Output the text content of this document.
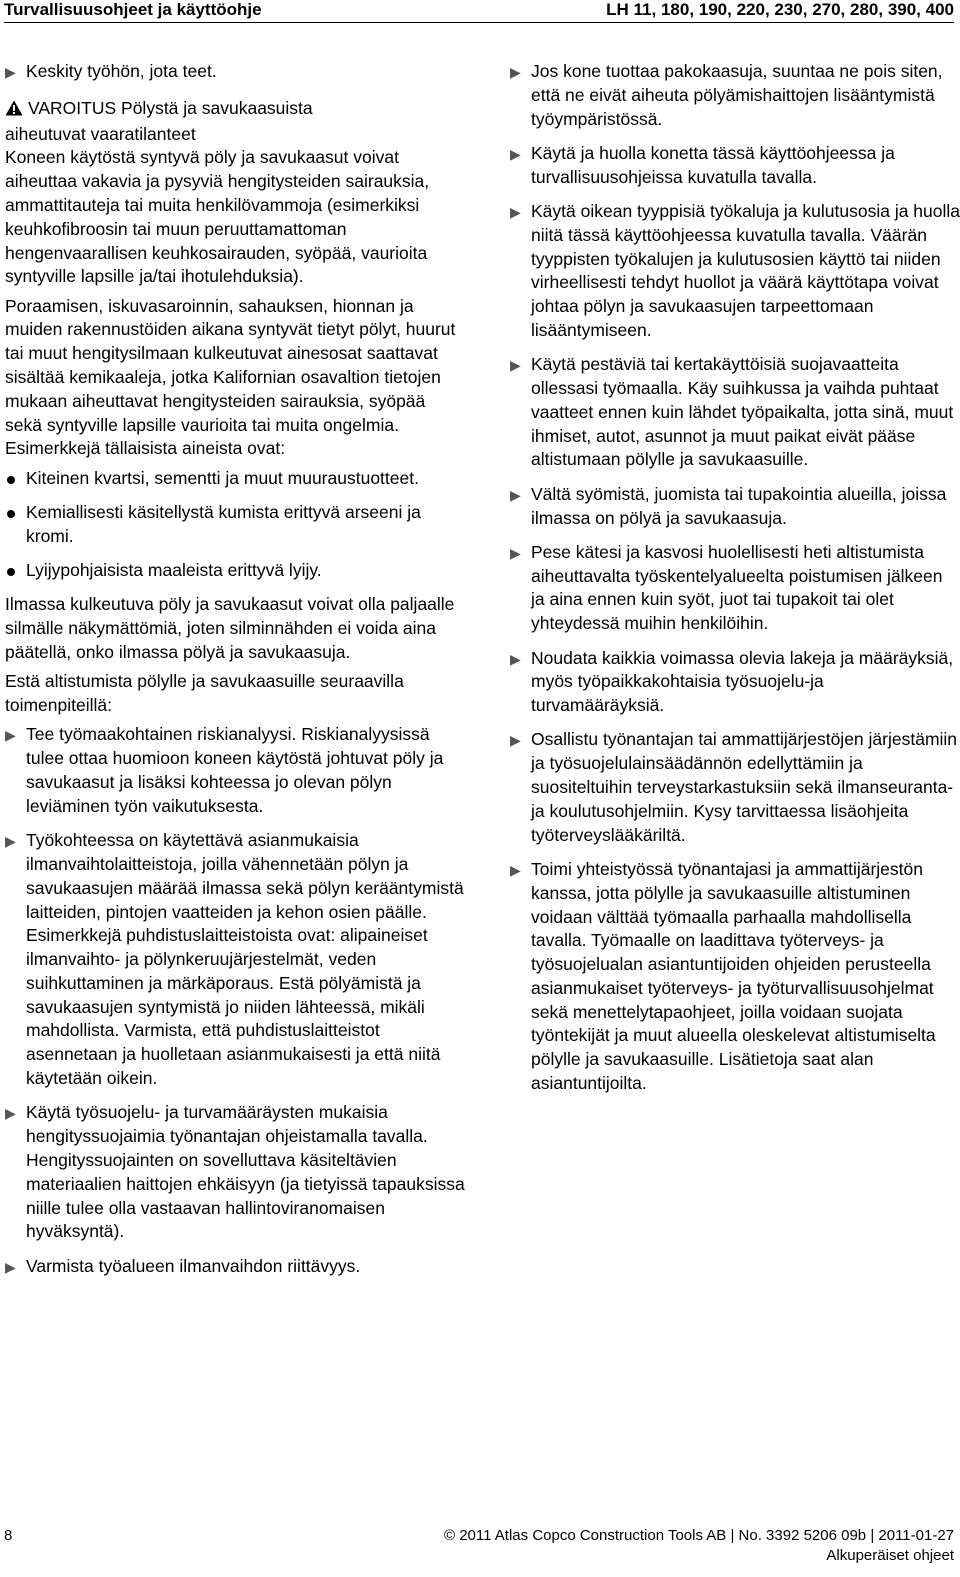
Turvallisuusohjeet ja käyttöohje	LH 11, 180, 190, 220, 230, 270, 280, 390, 400
▶ Keskity työhön, jota teet.
VAROITUS Pölystä ja savukaasuista
aiheutuvat vaaratilanteet
Koneen käytöstä syntyvä pöly ja savukaasut voivat aiheuttaa vakavia ja pysyviä hengitysteiden sairauksia, ammattitauteja tai muita henkilövammoja (esimerkiksi keuhkofibroosin tai muun peruuttamattoman hengenvaarallisen keuhkosairauden, syöpää, vaurioita syntyville lapsille ja/tai ihotulehduksia).
Poraamisen, iskuvasaroinnin, sahauksen, hionnan ja muiden rakennustöiden aikana syntyvät tietyt pölyt, huurut tai muut hengitysilmaan kulkeutuvat ainesosat saattavat sisältää kemikaaleja, jotka Kalifornian osavaltion tietojen mukaan aiheuttavat hengitysteiden sairauksia, syöpää sekä syntyville lapsille vaurioita tai muita ongelmia. Esimerkkejä tällaisista aineista ovat:
Kiteinen kvartsi, sementti ja muut muuraustuotteet.
Kemiallisesti käsitellystä kumista erittyvä arseeni ja kromi.
Lyijypohjaisista maaleista erittyvä lyijy.
Ilmassa kulkeutuva pöly ja savukaasut voivat olla paljaalle silmälle näkymättömiä, joten silminnähden ei voida aina päätellä, onko ilmassa pölyä ja savukaasuja.
Estä altistumista pölylle ja savukaasuille seuraavilla toimenpiteillä:
▶ Tee työmaakohtainen riskianalyysi. Riskianalyysissä tulee ottaa huomioon koneen käytöstä johtuvat pöly ja savukaasut ja lisäksi kohteessa jo olevan pölyn leviäminen työn vaikutuksesta.
▶ Työkohteessa on käytettävä asianmukaisia ilmanvaihtolaitteistoja, joilla vähennetään pölyn ja savukaasujen määrää ilmassa sekä pölyn kerääntymistä laitteiden, pintojen vaatteiden ja kehon osien päälle. Esimerkkejä puhdistuslaitteistoista ovat: alipaineiset ilmanvaihto- ja pölynkeruujärjestelmät, veden suihkuttaminen ja märkäporaus. Estä pölyämistä ja savukaasujen syntymistä jo niiden lähteessä, mikäli mahdollista. Varmista, että puhdistuslaitteistot asennetaan ja huolletaan asianmukaisesti ja että niitä käytetään oikein.
▶ Käytä työsuojelu- ja turvamääräysten mukaisia hengityssuojaimia työnantajan ohjeistamalla tavalla. Hengityssuojainten on sovelluttava käsiteltävien materiaalien haittojen ehkäisyyn (ja tietyissä tapauksissa niille tulee olla vastaavan hallintoviranomaisen hyväksyntä).
▶ Varmista työalueen ilmanvaihdon riittävyys.
▶ Jos kone tuottaa pakokaasuja, suuntaa ne pois siten, että ne eivät aiheuta pölyämishaittojen lisääntymistä työympäristössä.
▶ Käytä ja huolla konetta tässä käyttöohjeessa ja turvallisuusohjeissa kuvatulla tavalla.
▶ Käytä oikean tyyppisiä työkaluja ja kulutusosia ja huolla niitä tässä käyttöohjeessa kuvatulla tavalla. Väärän tyyppisten työkalujen ja kulutusosien käyttö tai niiden virheellisesti tehdyt huollot ja väärä käyttötapa voivat johtaa pölyn ja savukaasujen tarpeettomaan lisääntymiseen.
▶ Käytä pestäviä tai kertakäyttöisiä suojavaatteita ollessasi työmaalla. Käy suihkussa ja vaihda puhtaat vaatteet ennen kuin lähdet työpaikalta, jotta sinä, muut ihmiset, autot, asunnot ja muut paikat eivät pääse altistumaan pölylle ja savukaasuille.
▶ Vältä syömistä, juomista tai tupakointia alueilla, joissa ilmassa on pölyä ja savukaasuja.
▶ Pese kätesi ja kasvosi huolellisesti heti altistumista aiheuttavalta työskentelyalueelta poistumisen jälkeen ja aina ennen kuin syöt, juot tai tupakoit tai olet yhteydessä muihin henkilöihin.
▶ Noudata kaikkia voimassa olevia lakeja ja määräyksiä, myös työpaikkakohtaisia työsuojelu-ja turvamääräyksiä.
▶ Osallistu työnantajan tai ammattijärjestöjen järjestämiin ja työsuojelulainsäädännön edellyttämiin ja suositeltuihin terveystarkastuksiin sekä ilmanseuranta- ja koulutusohjelmiin. Kysy tarvittaessa lisäohjeita työterveyslääkäriltä.
▶ Toimi yhteistyössä työnantajasi ja ammattijärjestön kanssa, jotta pölylle ja savukaasuille altistuminen voidaan välttää työmaalla parhaalla mahdollisella tavalla. Työmaalle on laadittava työterveys- ja työsuojelualan asiantuntijoiden ohjeiden perusteella asianmukaiset työterveys- ja työturvallisuusohjelmat sekä menettelytapaohjeet, joilla voidaan suojata työntekijät ja muut alueella oleskelevat altistumiselta pölylle ja savukaasuille. Lisätietoja saat alan asiantuntijoilta.
8	© 2011 Atlas Copco Construction Tools AB | No. 3392 5206 09b | 2011-01-27
Alkuperäiset ohjeet
